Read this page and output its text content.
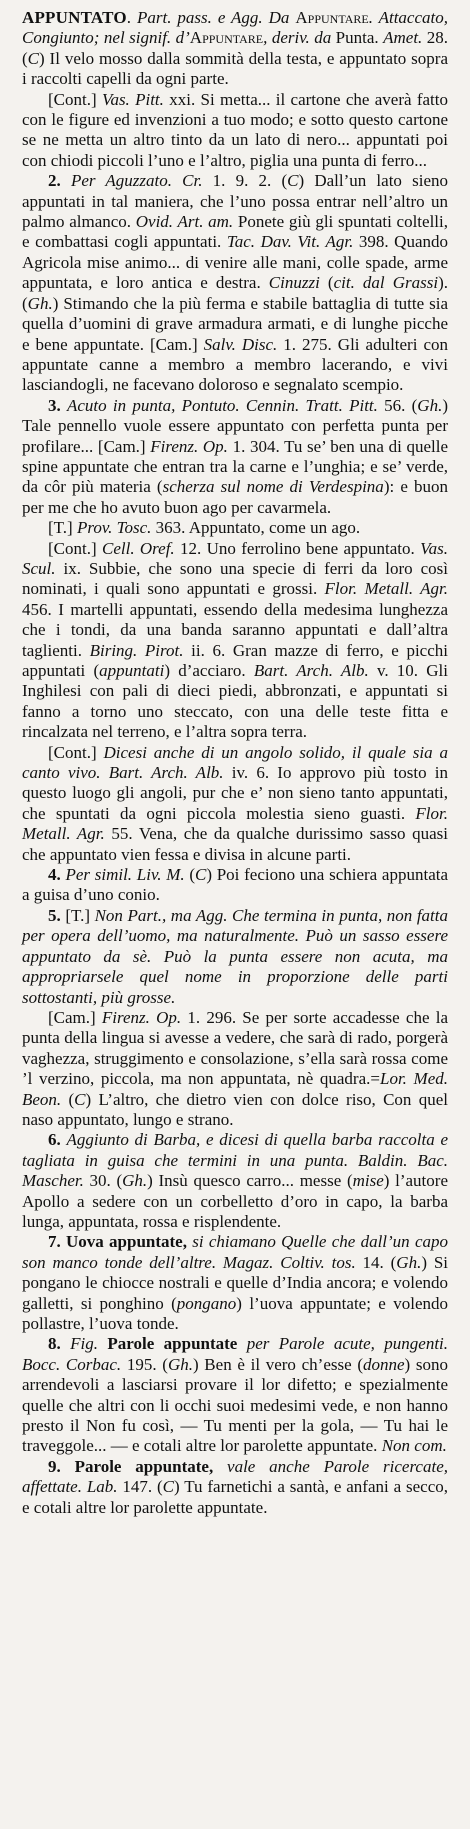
APPUNTATO. Part. pass. e Agg. Da Appuntare. Attaccato, Congiunto; nel signif. d’Appuntare, deriv. da Punta. Amet. 28. (C) Il velo mosso dalla sommità della testa, e appuntato sopra i raccolti capelli da ogni parte.

[Cont.] Vas. Pitt. xxi. Si metta... il cartone che averà fatto con le figure ed invenzioni a tuo modo; e sotto questo cartone se ne metta un altro tinto da un lato di nero... appuntati poi con chiodi piccoli l’uno e l’altro, piglia una punta di ferro...

2. Per Aguzzato. Cr. 1. 9. 2. (C) Dall’un lato sieno appuntati in tal maniera, che l’uno possa entrar nell’altro un palmo almanco. Ovid. Art. am. Ponete giù gli spuntati coltelli, e combattasi cogli appuntati. Tac. Dav. Vit. Agr. 398. Quando Agricola mise animo... di venire alle mani, colle spade, arme appuntata, e loro antica e destra. Cinuzzi (cit. dal Grassi). (Gh.) Stimando che la più ferma e stabile battaglia di tutte sia quella d’uomini di grave armadura armati, e di lunghe picche e bene appuntate. [Cam.] Salv. Disc. 1. 275. Gli adulteri con appuntate canne a membro a membro lacerando, e vivi lasciandogli, ne facevano doloroso e segnalato scempio.

3. Acuto in punta, Pontuto. Cennin. Tratt. Pitt. 56. (Gh.) Tale pennello vuole essere appuntato con perfetta punta per profilare... [Cam.] Firenz. Op. 1. 304. Tu se’ ben una di quelle spine appuntate che entran tra la carne e l’unghia; e se’ verde, da côr più materia (scherza sul nome di Verdespina): e buon per me che ho avuto buon ago per cavarmela.

[T.] Prov. Tosc. 363. Appuntato, come un ago.

[Cont.] Cell. Oref. 12. Uno ferrolino bene appuntato. Vas. Scul. ix. Subbie, che sono una specie di ferri da loro così nominati, i quali sono appuntati e grossi. Flor. Metall. Agr. 456. I martelli appuntati, essendo della medesima lunghezza che i tondi, da una banda saranno appuntati e dall’altra taglienti. Biring. Pirot. ii. 6. Gran mazze di ferro, e picchi appuntati (appuntati) d’acciaro. Bart. Arch. Alb. v. 10. Gli Inghilesi con pali di dieci piedi, abbronzati, e appuntati si fanno a torno uno steccato, con una delle teste fitta e rincalzata nel terreno, e l’altra sopra terra.

[Cont.] Dicesi anche di un angolo solido, il quale sia a canto vivo. Bart. Arch. Alb. iv. 6. Io approvo più tosto in questo luogo gli angoli, pur che e’ non sieno tanto appuntati, che spuntati da ogni piccola molestia sieno guasti. Flor. Metall. Agr. 55. Vena, che da qualche durissimo sasso quasi che appuntato vien fessa e divisa in alcune parti.

4. Per simil. Liv. M. (C) Poi feciono una schiera appuntata a guisa d’uno conio.

5. [T.] Non Part., ma Agg. Che termina in punta, non fatta per opera dell’uomo, ma naturalmente. Può un sasso essere appuntato da sè. Può la punta essere non acuta, ma appropriarsele quel nome in proporzione delle parti sottostanti, più grosse.

[Cam.] Firenz. Op. 1. 296. Se per sorte accadesse che la punta della lingua si avesse a vedere, che sarà di rado, porgerà vaghezza, struggimento e consolazione, s’ella sarà rossa come ’l verzino, piccola, ma non appuntata, nè quadra.=Lor. Med. Beon. (C) L’altro, che dietro vien con dolce riso, Con quel naso appuntato, lungo e strano.

6. Aggiunto di Barba, e dicesi di quella barba raccolta e tagliata in guisa che termini in una punta. Baldin. Bac. Mascher. 30. (Gh.) Insù quesco carro... messe (mise) l’autore Apollo a sedere con un corbelletto d’oro in capo, la barba lunga, appuntata, rossa e risplendente.

7. Uova appuntate, si chiamano Quelle che dall’un capo son manco tonde dell’altre. Magaz. Coltiv. tos. 14. (Gh.) Si pongano le chiocce nostrali e quelle d’India ancora; e volendo galletti, si ponghino (pongano) l’uova appuntate; e volendo pollastre, l’uova tonde.

8. Fig. Parole appuntate per Parole acute, pungenti. Bocc. Corbac. 195. (Gh.) Ben è il vero ch’esse (donne) sono arrendevoli a lasciarsi provare il lor difetto; e spezialmente quelle che altri con li occhi suoi medesimi vede, e non hanno presto il Non fu così, — Tu menti per la gola, — Tu hai le traveggole... — e cotali altre lor parolette appuntate. Non com.

9. Parole appuntate, vale anche Parole ricercate, affettate. Lab. 147. (C) Tu farnetichi a santà, e anfani a secco, e cotali altre lor parolette appuntate.
